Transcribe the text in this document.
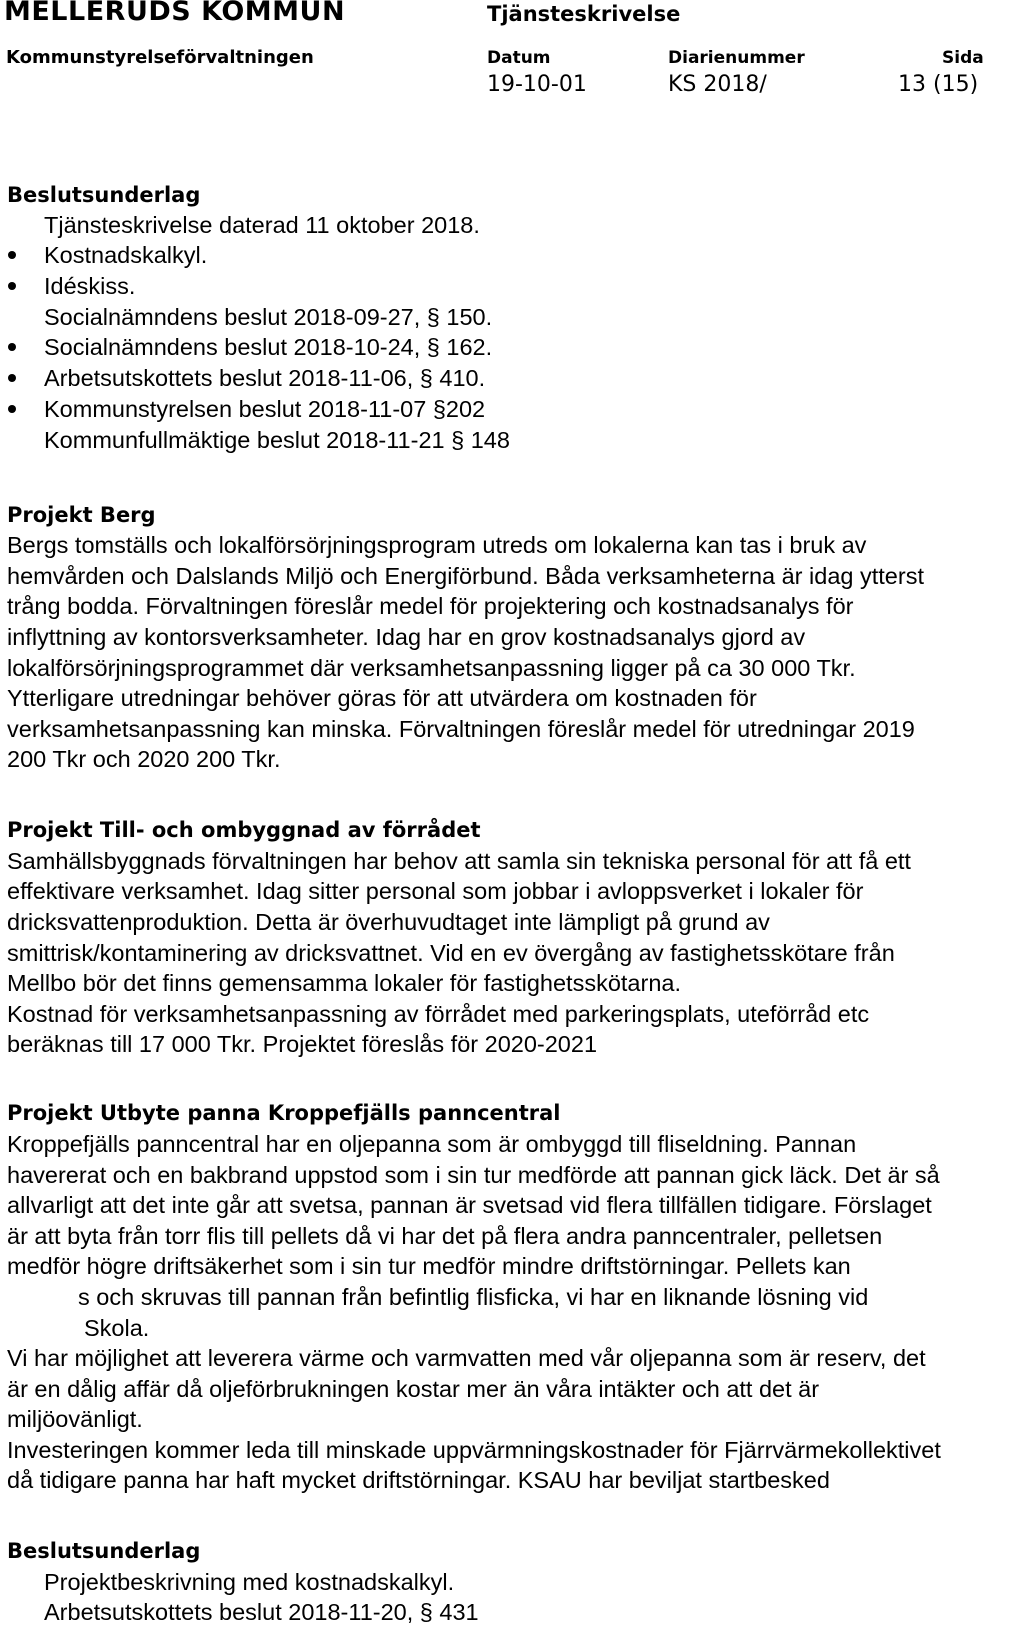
MELLERUDS KOMMUN
Kommunstyrelseförvaltningen
Tjänsteskrivelse
Datum	Diarienummer	Sida
19-10-01	KS 2018/	13 (15)
Beslutsunderlag
Tjänsteskrivelse daterad 11 oktober 2018.
Kostnadskalkyl.
Idéskiss.
Socialnämndens beslut 2018-09-27, § 150.
Socialnämndens beslut 2018-10-24, § 162.
Arbetsutskottets beslut 2018-11-06, § 410.
Kommunstyrelsen beslut 2018-11-07 §202
Kommunfullmäktige beslut 2018-11-21 § 148
Projekt Berg
Bergs tomställs och lokalförsörjningsprogram utreds om lokalerna kan tas i bruk av
hemvården och Dalslands Miljö och Energiförbund. Båda verksamheterna är idag ytterst
trång bodda. Förvaltningen föreslår medel för projektering och kostnadsanalys för
inflyttning av kontorsverksamheter. Idag har en grov kostnadsanalys gjord av
lokalförsörjningsprogrammet där verksamhetsanpassning ligger på ca 30 000 Tkr.
Ytterligare utredningar behöver göras för att utvärdera om kostnaden för
verksamhetsanpassning kan minska. Förvaltningen föreslår medel för utredningar 2019
200 Tkr och 2020 200 Tkr.
Projekt Till- och ombyggnad av förrådet
Samhällsbyggnads förvaltningen har behov att samla sin tekniska personal för att få ett
effektivare verksamhet. Idag sitter personal som jobbar i avloppsverket i lokaler för
dricksvattenproduktion. Detta är överhuvudtaget inte lämpligt på grund av
smittrisk/kontaminering av dricksvattnet. Vid en ev övergång av fastighetsskötare från
Mellbo bör det finns gemensamma lokaler för fastighetsskötarna.
Kostnad för verksamhetsanpassning av förrådet med parkeringsplats, uteförråd etc
beräknas till 17 000 Tkr. Projektet föreslås för 2020-2021
Projekt Utbyte panna Kroppefjälls panncentral
Kroppefjälls panncentral har en oljepanna som är ombyggd till fliseldning. Pannan
havererat och en bakbrand uppstod som i sin tur medförde att pannan gick läck. Det är så
allvarligt att det inte går att svetsa, pannan är svetsad vid flera tillfällen tidigare. Förslaget
är att byta från torr flis till pellets då vi har det på flera andra panncentraler, pelletsen
medför högre driftsäkerhet som i sin tur medför mindre driftstörningar. Pellets kan
s och skruvas till pannan från befintlig flisficka, vi har en liknande lösning vid
Skola.
Vi har möjlighet att leverera värme och varmvatten med vår oljepanna som är reserv, det
är en dålig affär då oljeförbrukningen kostar mer än våra intäkter och att det är
miljöovänligt.
Investeringen kommer leda till minskade uppvärmningskostnader för Fjärrvärmekollektivet
då tidigare panna har haft mycket driftstörningar. KSAU har beviljat startbesked
Beslutsunderlag
Projektbeskrivning med kostnadskalkyl.
Arbetsutskottets beslut 2018-11-20, § 431
